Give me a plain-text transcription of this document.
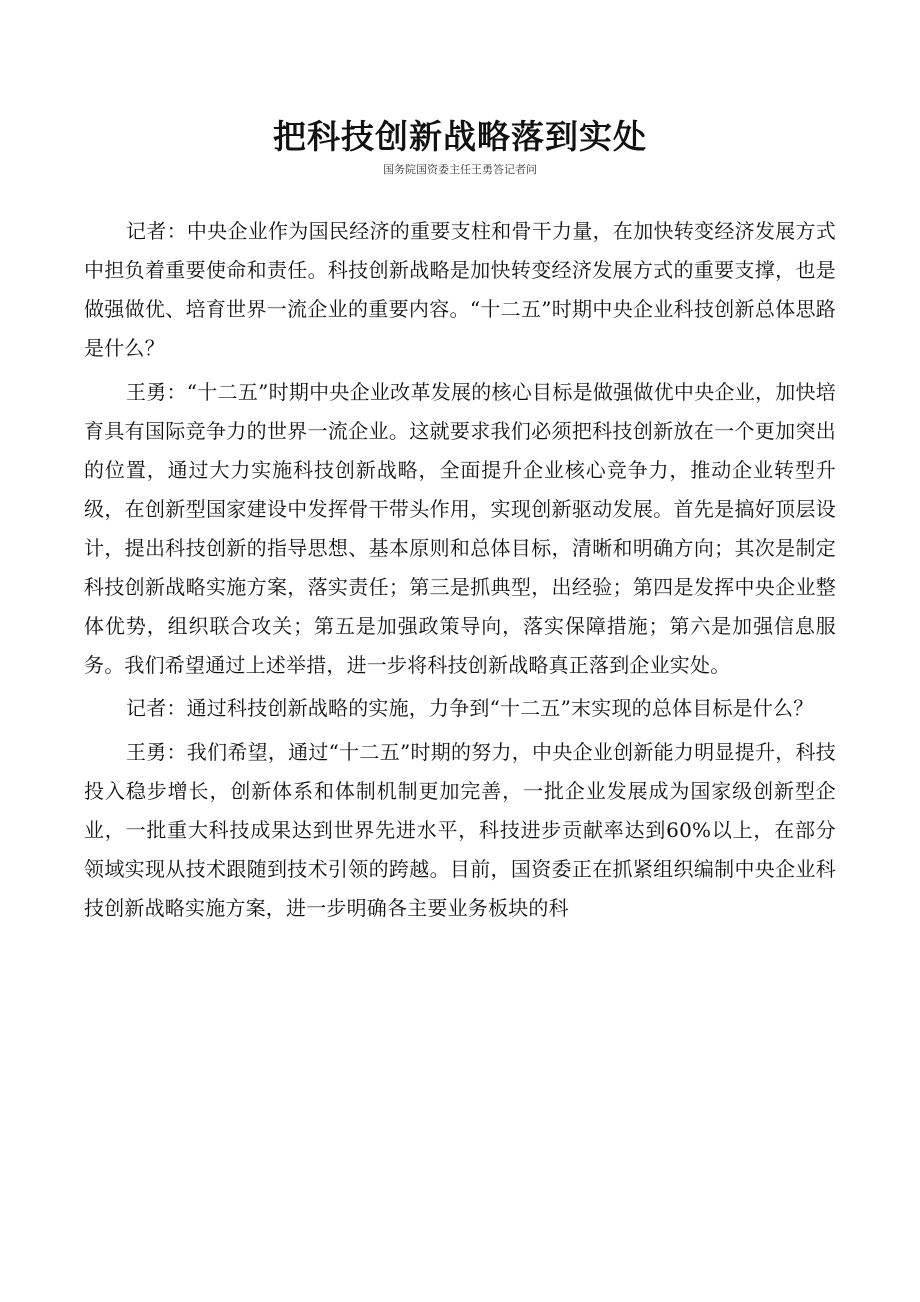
把科技创新战略落到实处
国务院国资委主任王勇答记者问

记者：中央企业作为国民经济的重要支柱和骨干力量，在加快转变经济发展方式中担负着重要使命和责任。科技创新战略是加快转变经济发展方式的重要支撑，也是做强做优、培育世界一流企业的重要内容。“十二五”时期中央企业科技创新总体思路是什么？

王勇：“十二五”时期中央企业改革发展的核心目标是做强做优中央企业，加快培育具有国际竞争力的世界一流企业。这就要求我们必须把科技创新放在一个更加突出的位置，通过大力实施科技创新战略，全面提升企业核心竞争力，推动企业转型升级，在创新型国家建设中发挥骨干带头作用，实现创新驱动发展。首先是搞好顶层设计，提出科技创新的指导思想、基本原则和总体目标，清晰和明确方向；其次是制定科技创新战略实施方案，落实责任；第三是抓典型，出经验；第四是发挥中央企业整体优势，组织联合攻关；第五是加强政策导向，落实保障措施；第六是加强信息服务。我们希望通过上述举措，进一步将科技创新战略真正落到企业实处。

记者：通过科技创新战略的实施，力争到“十二五”末实现的总体目标是什么？

王勇：我们希望，通过“十二五”时期的努力，中央企业创新能力明显提升，科技投入稳步增长，创新体系和体制机制更加完善，一批企业发展成为国家级创新型企业，一批重大科技成果达到世界先进水平，科技进步贡献率达到60%以上，在部分领域实现从技术跟随到技术引领的跨越。目前，国资委正在抓紧组织编制中央企业科技创新战略实施方案，进一步明确各主要业务板块的科
